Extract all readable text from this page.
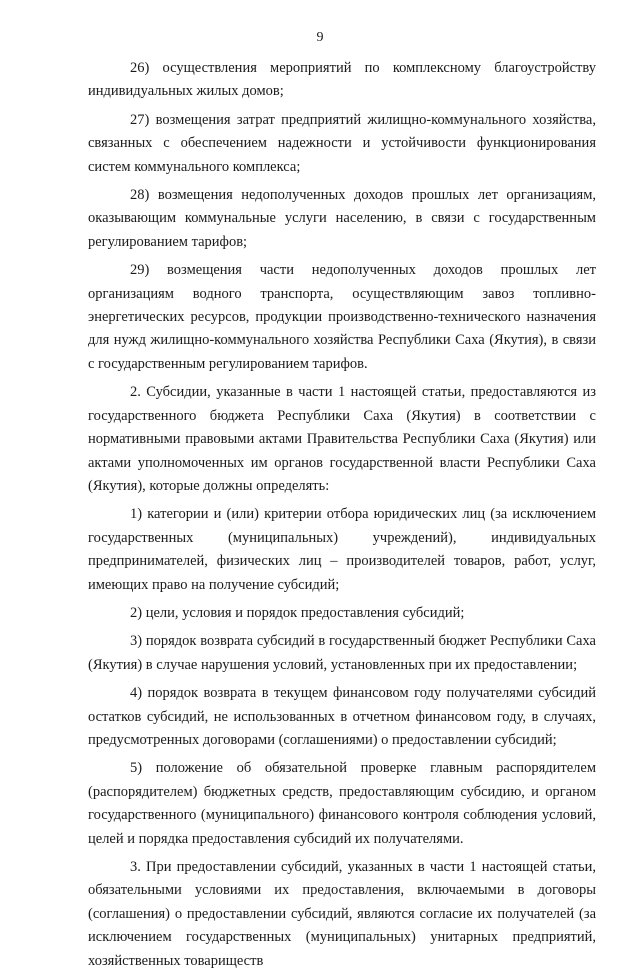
9

26) осуществления мероприятий по комплексному благоустройству индивидуальных жилых домов;

27) возмещения затрат предприятий жилищно-коммунального хозяйства, связанных с обеспечением надежности и устойчивости функционирования систем коммунального комплекса;

28) возмещения недополученных доходов прошлых лет организациям, оказывающим коммунальные услуги населению, в связи с государственным регулированием тарифов;

29) возмещения части недополученных доходов прошлых лет организациям водного транспорта, осуществляющим завоз топливно-энергетических ресурсов, продукции производственно-технического назначения для нужд жилищно-коммунального хозяйства Республики Саха (Якутия), в связи с государственным регулированием тарифов.

2. Субсидии, указанные в части 1 настоящей статьи, предоставляются из государственного бюджета Республики Саха (Якутия) в соответствии с нормативными правовыми актами Правительства Республики Саха (Якутия) или актами уполномоченных им органов государственной власти Республики Саха (Якутия), которые должны определять:

1) категории и (или) критерии отбора юридических лиц (за исключением государственных (муниципальных) учреждений), индивидуальных предпринимателей, физических лиц – производителей товаров, работ, услуг, имеющих право на получение субсидий;

2) цели, условия и порядок предоставления субсидий;

3) порядок возврата субсидий в государственный бюджет Республики Саха (Якутия) в случае нарушения условий, установленных при их предоставлении;

4) порядок возврата в текущем финансовом году получателями субсидий остатков субсидий, не использованных в отчетном финансовом году, в случаях, предусмотренных договорами (соглашениями) о предоставлении субсидий;

5) положение об обязательной проверке главным распорядителем (распорядителем) бюджетных средств, предоставляющим субсидию, и органом государственного (муниципального) финансового контроля соблюдения условий, целей и порядка предоставления субсидий их получателями.

3. При предоставлении субсидий, указанных в части 1 настоящей статьи, обязательными условиями их предоставления, включаемыми в договоры (соглашения) о предоставлении субсидий, являются согласие их получателей (за исключением государственных (муниципальных) унитарных предприятий, хозяйственных товариществ
